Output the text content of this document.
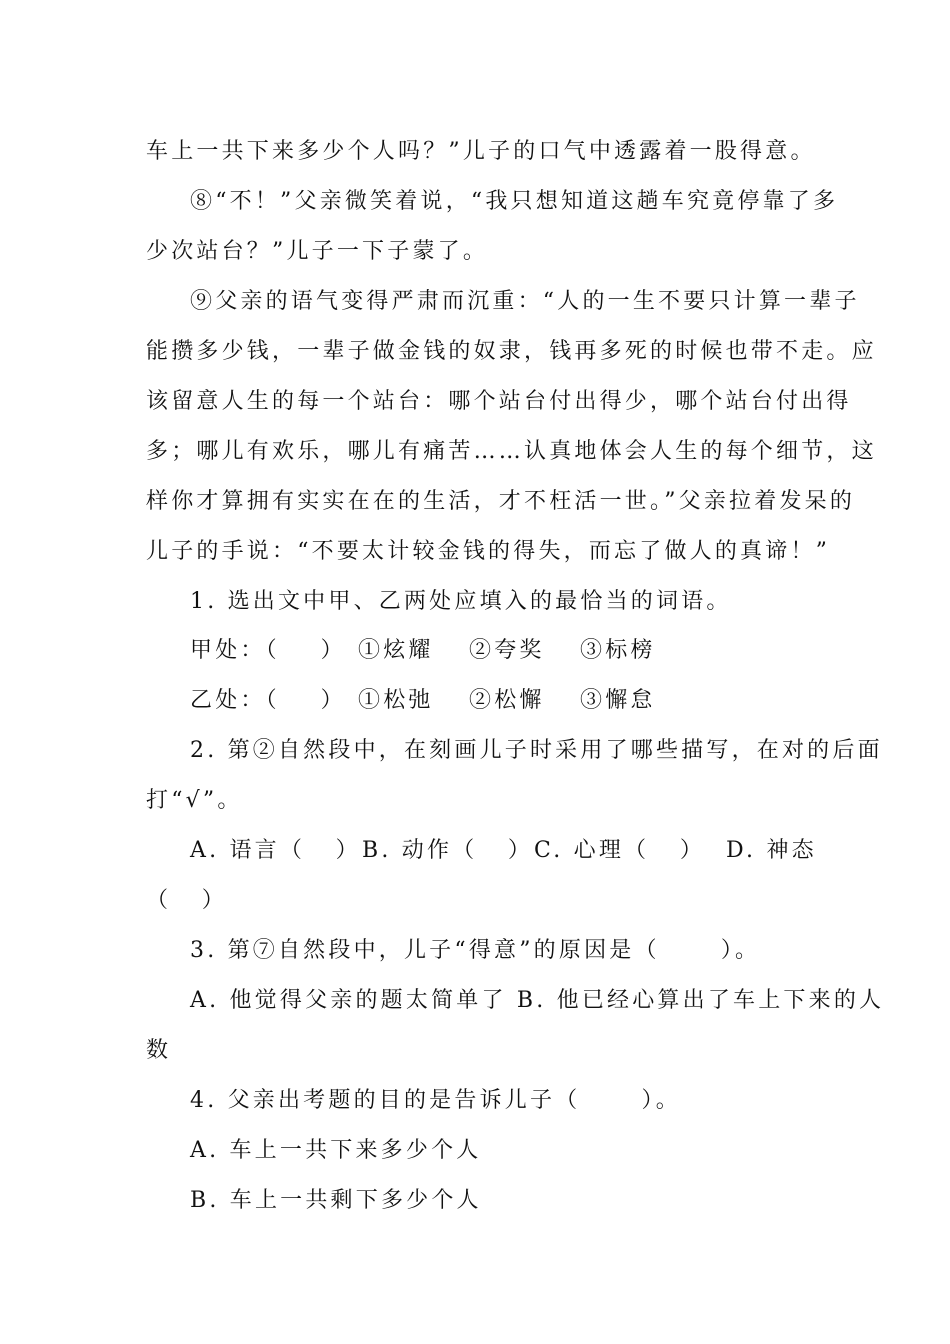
车上一共下来多少个人吗？”儿子的口气中透露着一股得意。
⑧“不！”父亲微笑着说，“我只想知道这趟车究竟停靠了多
少次站台？”儿子一下子蒙了。
⑨父亲的语气变得严肃而沉重：“人的一生不要只计算一辈子
能攒多少钱，一辈子做金钱的奴隶，钱再多死的时候也带不走。应
该留意人生的每一个站台：哪个站台付出得少，哪个站台付出得
多；哪儿有欢乐，哪儿有痛苦……认真地体会人生的每个细节，这
样你才算拥有实实在在的生活，才不枉活一世。”父亲拉着发呆的
儿子的手说：“不要太计较金钱的得失，而忘了做人的真谛！”
1. 选出文中甲、乙两处应填入的最恰当的词语。
甲处：（    ） ①炫耀 ②夸奖 ③标榜
乙处：（    ） ①松弛 ②松懈 ③懈怠
2. 第②自然段中，在刻画儿子时采用了哪些描写，在对的后面
打“√”。
A. 语言（   ） B. 动作（   ） C. 心理（   ） D. 神态
（   ）
3. 第⑦自然段中，儿子“得意”的原因是（      ）。
A. 他觉得父亲的题太简单了 B. 他已经心算出了车上下来的人
数
4. 父亲出考题的目的是告诉儿子（      ）。
A. 车上一共下来多少个人
B. 车上一共剩下多少个人
